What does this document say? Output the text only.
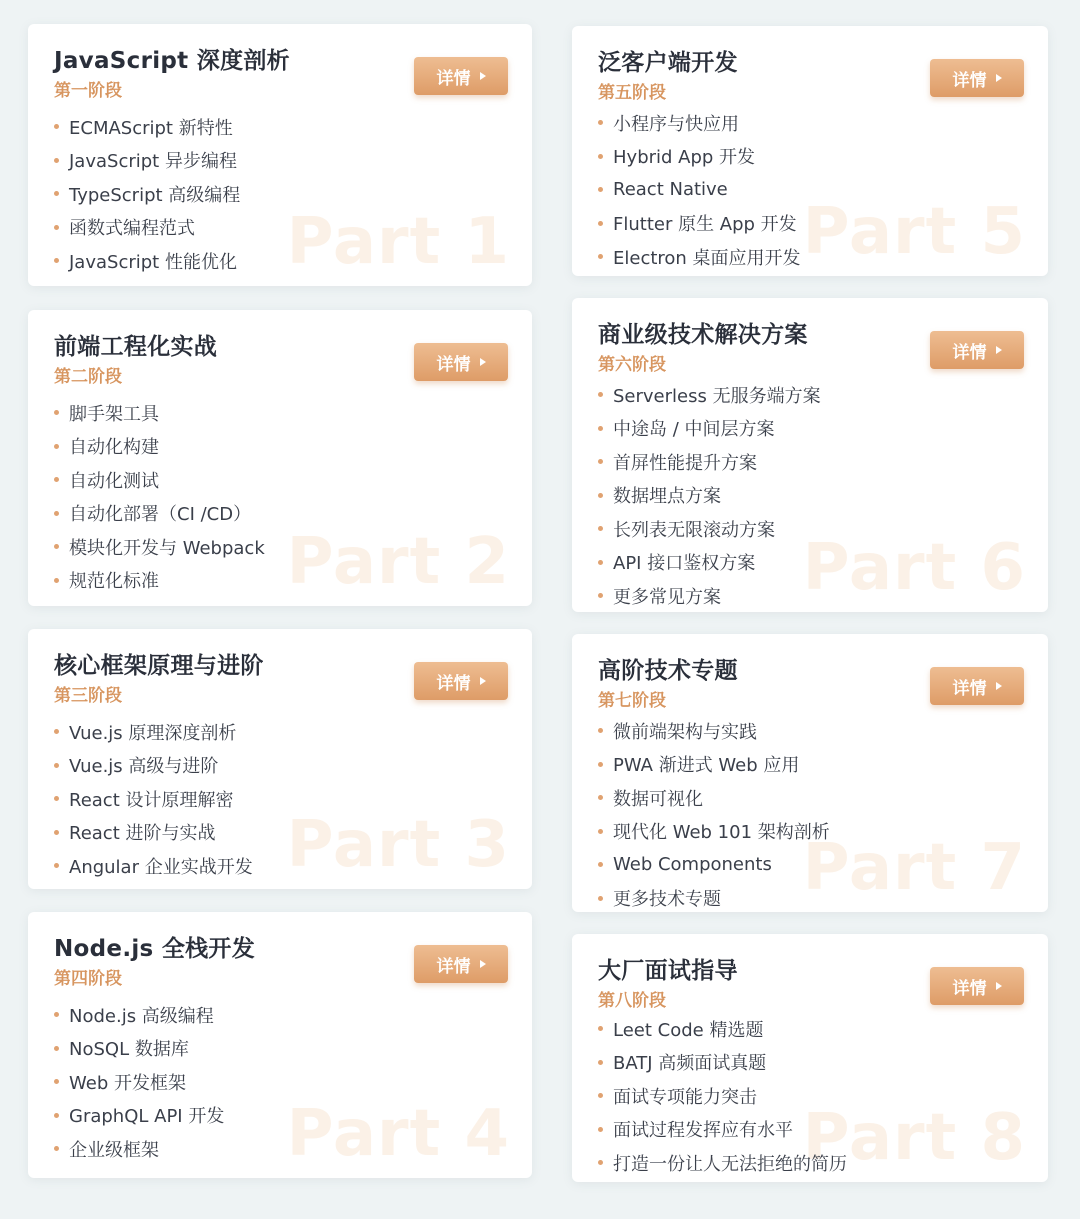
Part 1
JavaScript 深度剖析
第一阶段
详情
ECMAScript 新特性
JavaScript 异步编程
TypeScript 高级编程
函数式编程范式
JavaScript 性能优化	Part 5
泛客户端开发
第五阶段
详情
小程序与快应用
Hybrid App 开发
React Native
Flutter 原生 App 开发
Electron 桌面应用开发
Part 2
前端工程化实战
第二阶段
详情
脚手架工具
自动化构建
自动化测试
自动化部署（CI /CD）
模块化开发与 Webpack
规范化标准	Part 6
商业级技术解决方案
第六阶段
详情
Serverless 无服务端方案
中途岛 / 中间层方案
首屏性能提升方案
数据埋点方案
长列表无限滚动方案
API 接口鉴权方案
更多常见方案
Part 3
核心框架原理与进阶
第三阶段
详情
Vue.js 原理深度剖析
Vue.js 高级与进阶
React 设计原理解密
React 进阶与实战
Angular 企业实战开发	Part 7
高阶技术专题
第七阶段
详情
微前端架构与实践
PWA 渐进式 Web 应用
数据可视化
现代化 Web 101 架构剖析
Web Components
更多技术专题
Part 4
Node.js 全栈开发
第四阶段
详情
Node.js 高级编程
NoSQL 数据库
Web 开发框架
GraphQL API 开发
企业级框架	Part 8
大厂面试指导
第八阶段
详情
Leet Code 精选题
BATJ 高频面试真题
面试专项能力突击
面试过程发挥应有水平
打造一份让人无法拒绝的简历
